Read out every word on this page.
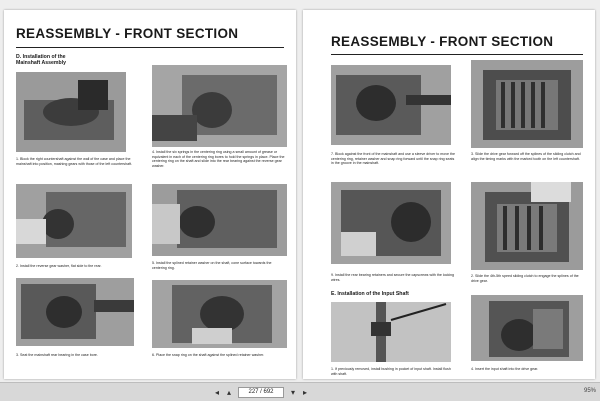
REASSEMBLY - FRONT SECTION
D. Installation of the Mainshaft Assembly
1. Block the right countershaft against the wall of the case and place the mainshaft into position, mashing gears with those of the left countershaft.
4. Install the six springs in the centering ring using a small amount of grease or equivalent in each of the centering ring bores to hold the springs in place. Place the centering ring on the shaft and slide into the rear bearing against the reverse gear washer.
2. Install the reverse gear washer, flat side to the rear.
5. Install the splined retainer washer on the shaft, cone surface towards the centering ring.
3. Seat the mainshaft rear bearing in the case bore.	6. Place the snap ring on the shaft against the splined retainer washer.
REASSEMBLY - FRONT SECTION
7. Block against the front of the mainshaft and use a sleeve driver to move the centering ring, retainer washer and snap ring forward until the snap ring seats in the groove in the mainshaft.
3. Slide the drive gear forward off the splines of the sliding clutch and align the timing marks with the marked tooth on the left countershaft.
9. Install the rear bearing retainers and secure the capscrews with the locking wires.
2. Slide the 4th-5th speed sliding clutch to engage the splines of the drive gear.
E. Installation of the Input Shaft
1. If previously removed, install bushing in pocket of input shaft. Install flush with shaft.
4. Insert the input shaft into the drive gear.
◂ ▴	227 / 692	▾ ▸	95%
